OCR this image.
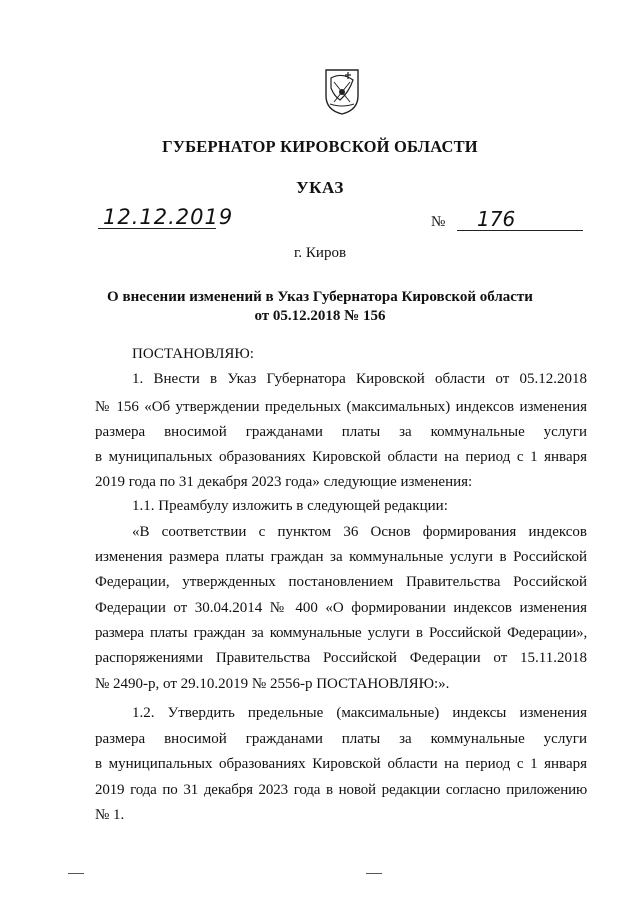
ГУБЕРНАТОР КИРОВСКОЙ ОБЛАСТИ
УКАЗ
12.12.2019	№ 176
г. Киров
О внесении изменений в Указ Губернатора Кировской области
от 05.12.2018 № 156
ПОСТАНОВЛЯЮ:
1. Внести в Указ Губернатора Кировской области от 05.12.2018
№ 156 «Об утверждении предельных (максимальных) индексов изменения
размера вносимой гражданами платы за коммунальные услуги
в муниципальных образованиях Кировской области на период с 1 января
2019 года по 31 декабря 2023 года» следующие изменения:
1.1. Преамбулу изложить в следующей редакции:
«В соответствии с пунктом 36 Основ формирования индексов
изменения размера платы граждан за коммунальные услуги в Российской
Федерации, утвержденных постановлением Правительства Российской
Федерации от 30.04.2014 № 400 «О формировании индексов изменения
размера платы граждан за коммунальные услуги в Российской Федерации»,
распоряжениями Правительства Российской Федерации от 15.11.2018
№ 2490-р, от 29.10.2019 № 2556-р ПОСТАНОВЛЯЮ:».
1.2. Утвердить предельные (максимальные) индексы изменения
размера вносимой гражданами платы за коммунальные услуги
в муниципальных образованиях Кировской области на период с 1 января
2019 года по 31 декабря 2023 года в новой редакции согласно приложению
№ 1.
